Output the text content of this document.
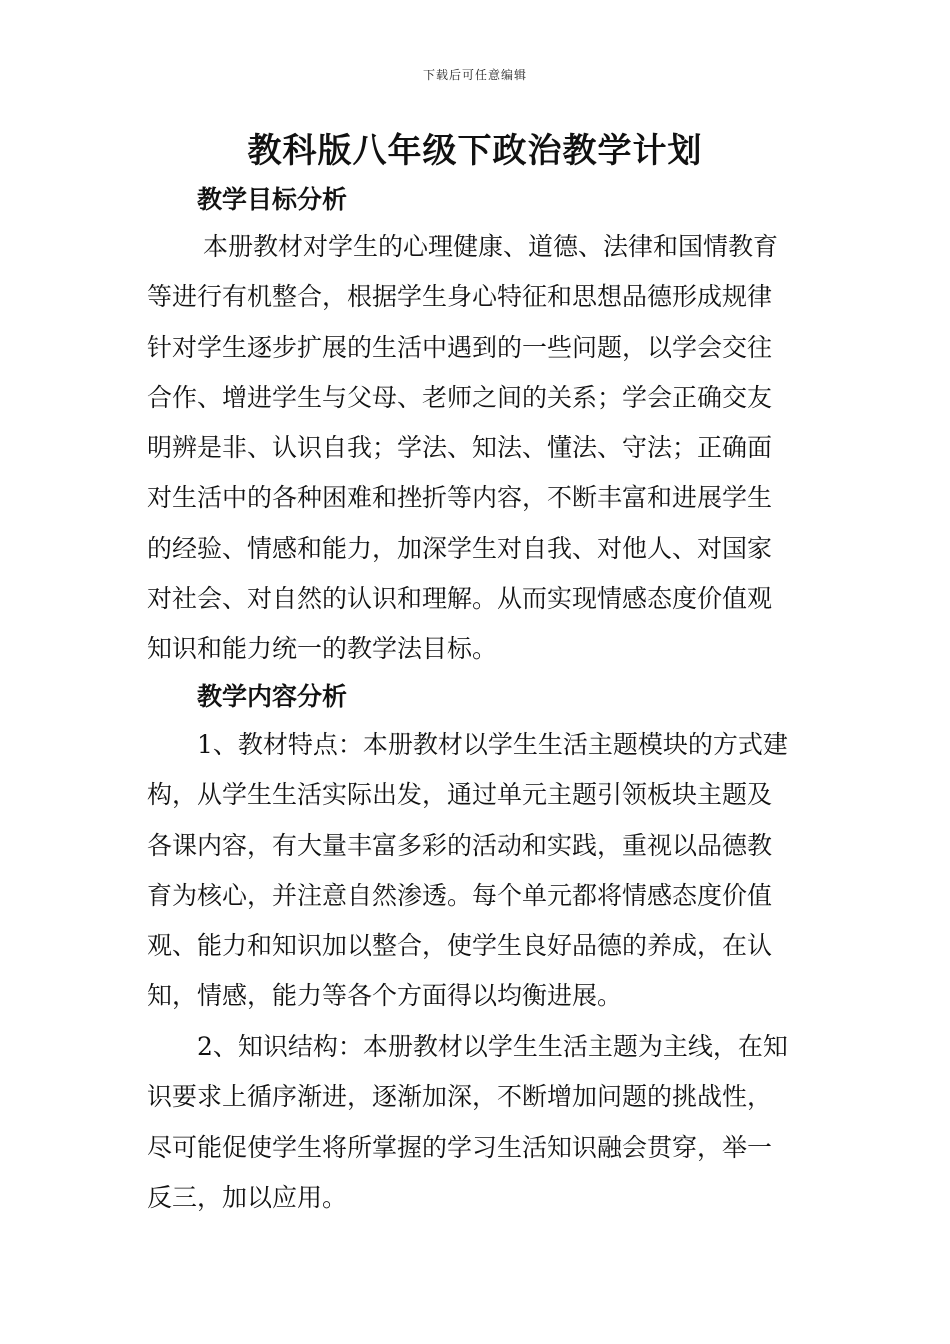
下载后可任意编辑
教科版八年级下政治教学计划
教学目标分析
本册教材对学生的心理健康、道德、法律和国情教育
等进行有机整合，根据学生身心特征和思想品德形成规律
针对学生逐步扩展的生活中遇到的一些问题，以学会交往
合作、增进学生与父母、老师之间的关系；学会正确交友
明辨是非、认识自我；学法、知法、懂法、守法；正确面
对生活中的各种困难和挫折等内容，不断丰富和进展学生
的经验、情感和能力，加深学生对自我、对他人、对国家
对社会、对自然的认识和理解。从而实现情感态度价值观
知识和能力统一的教学法目标。
教学内容分析
1、教材特点：本册教材以学生生活主题模块的方式建
构，从学生生活实际出发，通过单元主题引领板块主题及
各课内容，有大量丰富多彩的活动和实践，重视以品德教
育为核心，并注意自然渗透。每个单元都将情感态度价值
观、能力和知识加以整合，使学生良好品德的养成，在认
知，情感，能力等各个方面得以均衡进展。
2、知识结构：本册教材以学生生活主题为主线，在知
识要求上循序渐进，逐渐加深，不断增加问题的挑战性，
尽可能促使学生将所掌握的学习生活知识融会贯穿，举一
反三，加以应用。
